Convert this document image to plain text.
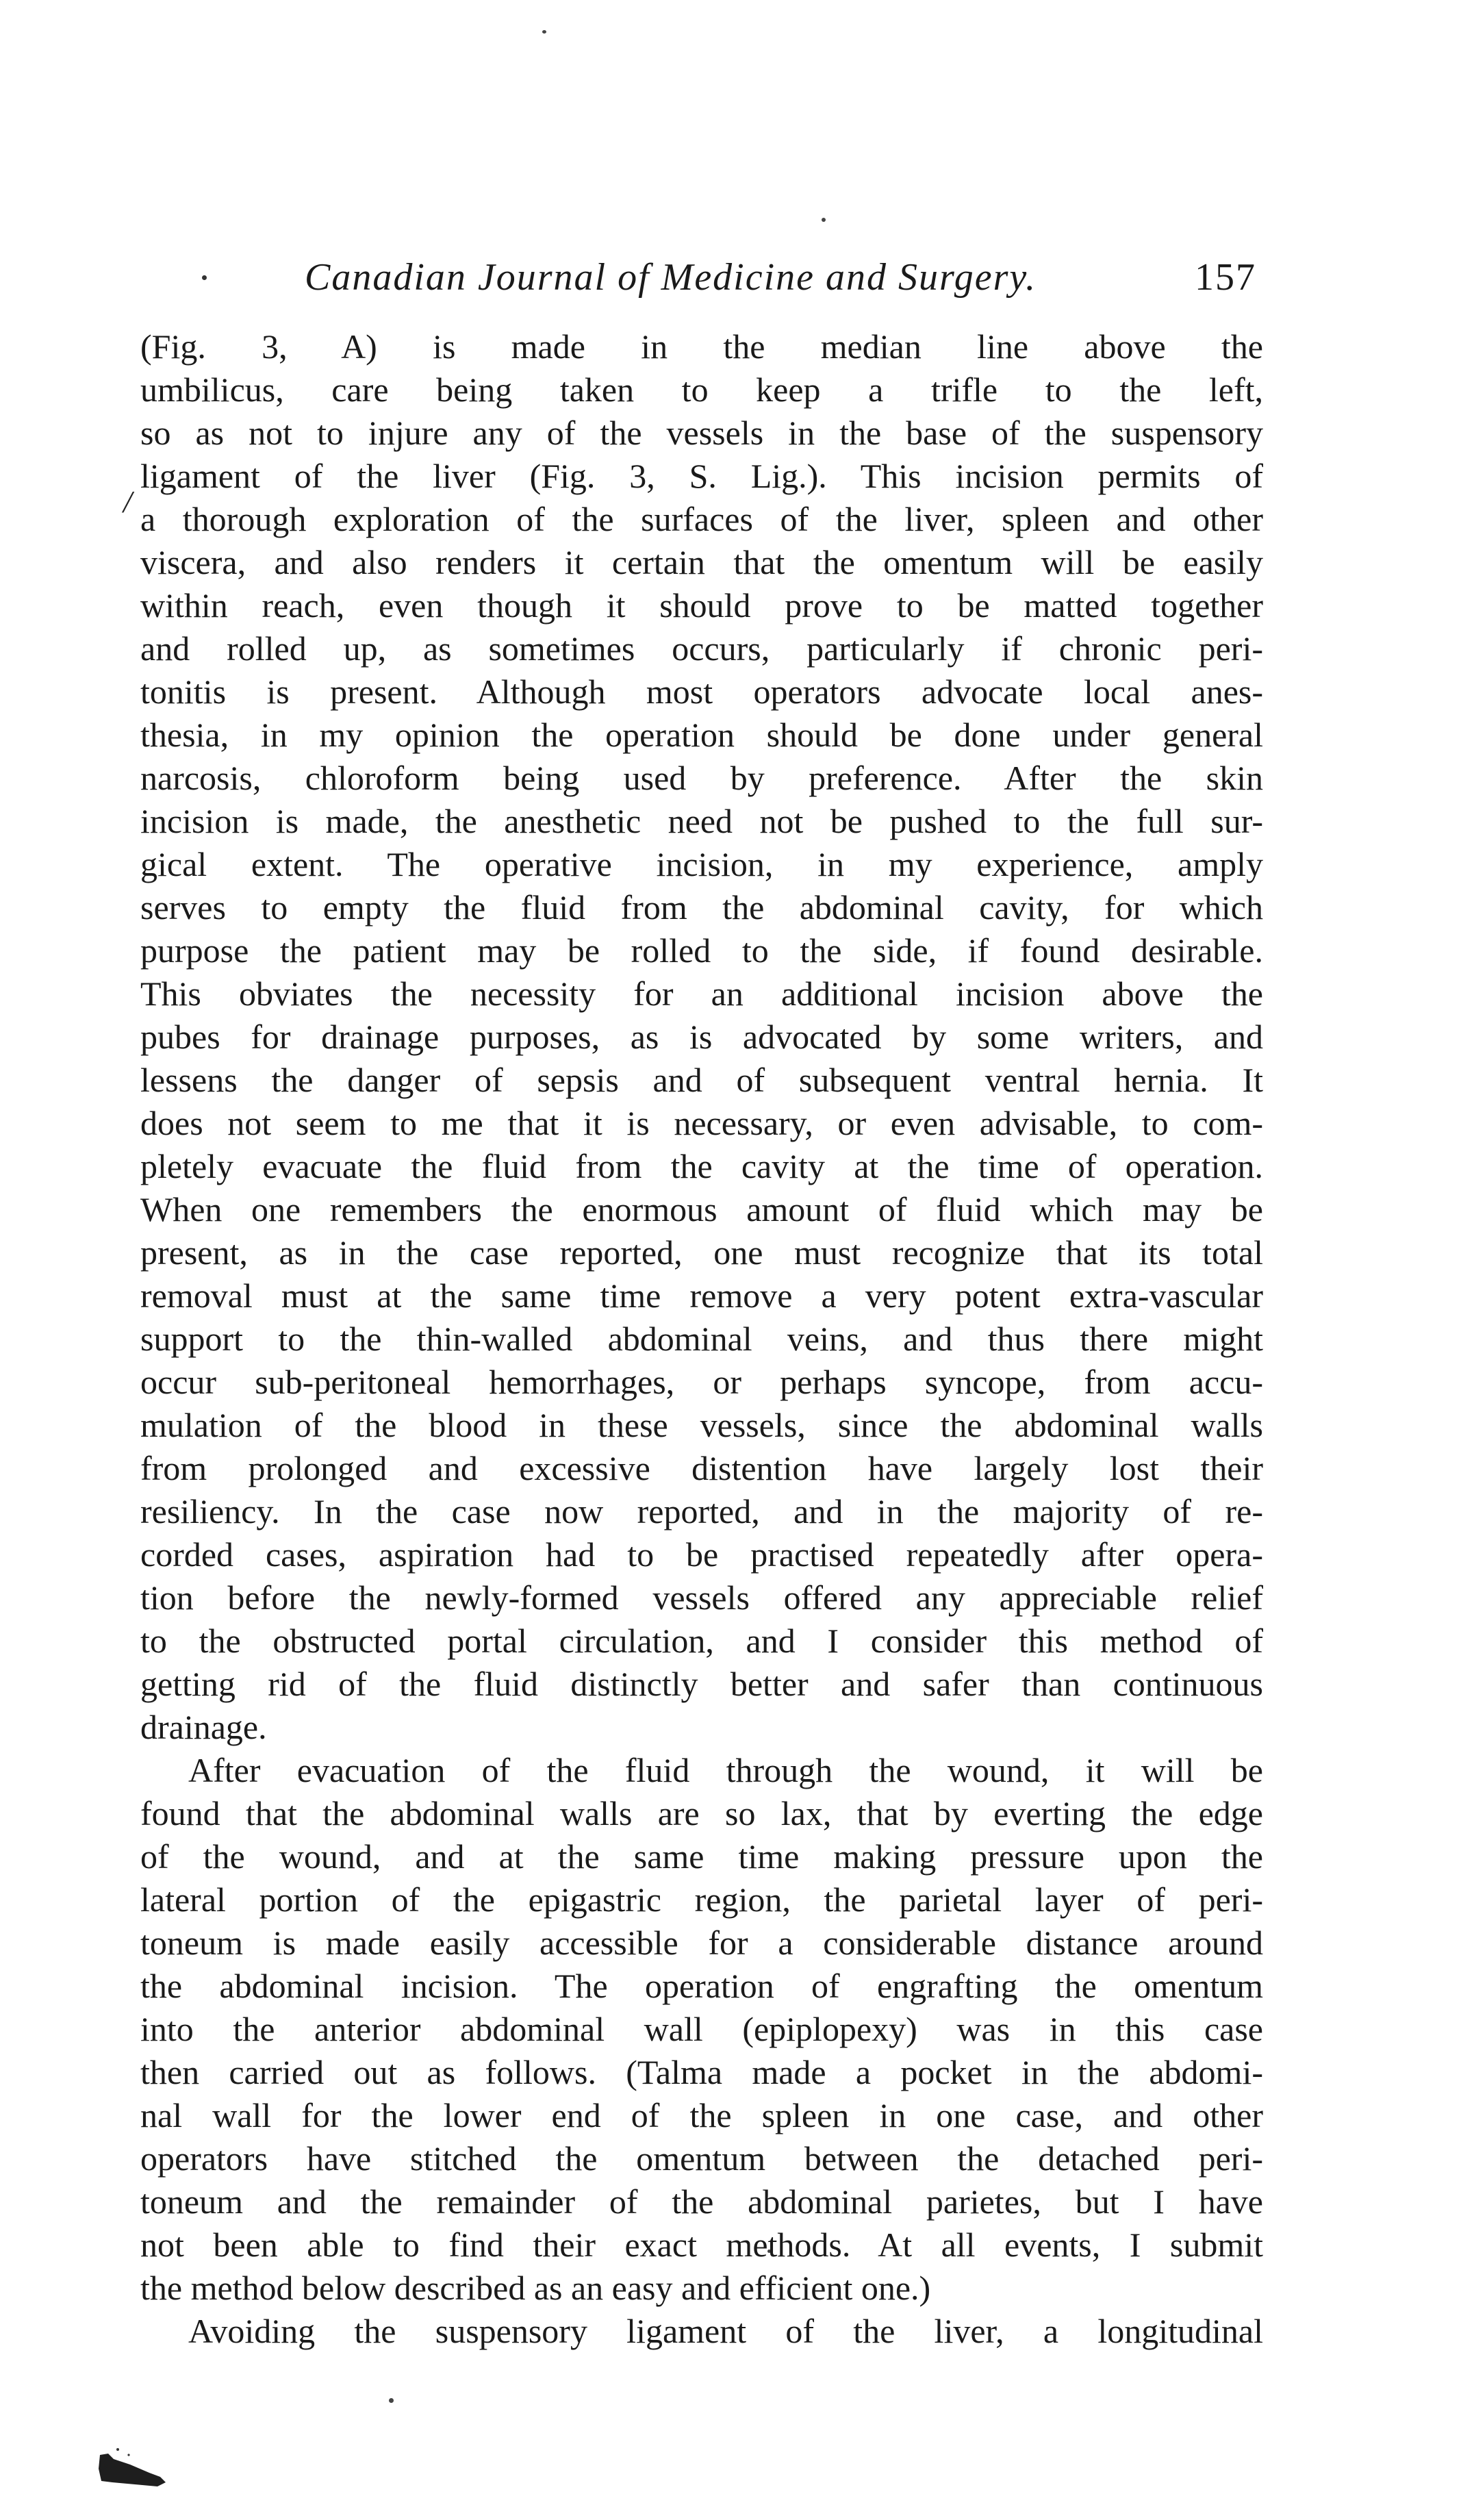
Canadian Journal of Medicine and Surgery.	157
/
(Fig. 3, A) is made in the median line above the
umbilicus, care being taken to keep a trifle to the left,
so as not to injure any of the vessels in the base of the suspensory
ligament of the liver (Fig. 3, S. Lig.). This incision permits of
a thorough exploration of the surfaces of the liver, spleen and other
viscera, and also renders it certain that the omentum will be easily
within reach, even though it should prove to be matted together
and rolled up, as sometimes occurs, particularly if chronic peri-
tonitis is present. Although most operators advocate local anes-
thesia, in my opinion the operation should be done under general
narcosis, chloroform being used by preference. After the skin
incision is made, the anesthetic need not be pushed to the full sur-
gical extent. The operative incision, in my experience, amply
serves to empty the fluid from the abdominal cavity, for which
purpose the patient may be rolled to the side, if found desirable.
This obviates the necessity for an additional incision above the
pubes for drainage purposes, as is advocated by some writers, and
lessens the danger of sepsis and of subsequent ventral hernia. It
does not seem to me that it is necessary, or even advisable, to com-
pletely evacuate the fluid from the cavity at the time of operation.
When one remembers the enormous amount of fluid which may be
present, as in the case reported, one must recognize that its total
removal must at the same time remove a very potent extra-vascular
support to the thin-walled abdominal veins, and thus there might
occur sub-peritoneal hemorrhages, or perhaps syncope, from accu-
mulation of the blood in these vessels, since the abdominal walls
from prolonged and excessive distention have largely lost their
resiliency. In the case now reported, and in the majority of re-
corded cases, aspiration had to be practised repeatedly after opera-
tion before the newly-formed vessels offered any appreciable relief
to the obstructed portal circulation, and I consider this method of
getting rid of the fluid distinctly better and safer than continuous
drainage.
After evacuation of the fluid through the wound, it will be
found that the abdominal walls are so lax, that by everting the edge
of the wound, and at the same time making pressure upon the
lateral portion of the epigastric region, the parietal layer of peri-
toneum is made easily accessible for a considerable distance around
the abdominal incision. The operation of engrafting the omentum
into the anterior abdominal wall (epiplopexy) was in this case
then carried out as follows. (Talma made a pocket in the abdomi-
nal wall for the lower end of the spleen in one case, and other
operators have stitched the omentum between the detached peri-
toneum and the remainder of the abdominal parietes, but I have
not been able to find their exact methods. At all events, I submit
the method below described as an easy and efficient one.)
Avoiding the suspensory ligament of the liver, a longitudinal
